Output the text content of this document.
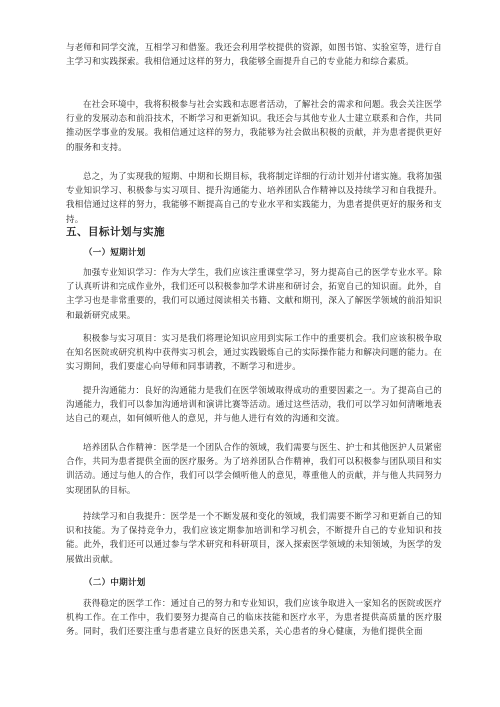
与老师和同学交流，互相学习和借鉴。我还会利用学校提供的资源，如图书馆、实验室等，进行自主学习和实践探索。我相信通过这样的努力，我能够全面提升自己的专业能力和综合素质。

在社会环境中，我将积极参与社会实践和志愿者活动，了解社会的需求和问题。我会关注医学行业的发展动态和前沿技术，不断学习和更新知识。我还会与其他专业人士建立联系和合作，共同推动医学事业的发展。我相信通过这样的努力，我能够为社会做出积极的贡献，并为患者提供更好的服务和支持。

总之，为了实现我的短期、中期和长期目标，我将制定详细的行动计划并付诸实施。我将加强专业知识学习、积极参与实习项目、提升沟通能力、培养团队合作精神以及持续学习和自我提升。我相信通过这样的努力，我能够不断提高自己的专业水平和实践能力，为患者提供更好的服务和支持。

五、目标计划与实施
（一）短期计划

加强专业知识学习：作为大学生，我们应该注重课堂学习，努力提高自己的医学专业水平。除了认真听讲和完成作业外，我们还可以积极参加学术讲座和研讨会，拓宽自己的知识面。此外，自主学习也是非常重要的，我们可以通过阅读相关书籍、文献和期刊，深入了解医学领域的前沿知识和最新研究成果。

积极参与实习项目：实习是我们将理论知识应用到实际工作中的重要机会。我们应该积极争取在知名医院或研究机构中获得实习机会，通过实践锻炼自己的实际操作能力和解决问题的能力。在实习期间，我们要虚心向导师和同事请教，不断学习和进步。

提升沟通能力：良好的沟通能力是我们在医学领域取得成功的重要因素之一。为了提高自己的沟通能力，我们可以参加沟通培训和演讲比赛等活动。通过这些活动，我们可以学习如何清晰地表达自己的观点，如何倾听他人的意见，并与他人进行有效的沟通和交流。

培养团队合作精神：医学是一个团队合作的领域，我们需要与医生、护士和其他医护人员紧密合作，共同为患者提供全面的医疗服务。为了培养团队合作精神，我们可以积极参与团队项目和实训活动。通过与他人的合作，我们可以学会倾听他人的意见，尊重他人的贡献，并与他人共同努力实现团队的目标。

持续学习和自我提升：医学是一个不断发展和变化的领域，我们需要不断学习和更新自己的知识和技能。为了保持竞争力，我们应该定期参加培训和学习机会，不断提升自己的专业知识和技能。此外，我们还可以通过参与学术研究和科研项目，深入探索医学领域的未知领域，为医学的发展做出贡献。

（二）中期计划

获得稳定的医学工作：通过自己的努力和专业知识，我们应该争取进入一家知名的医院或医疗机构工作。在工作中，我们要努力提高自己的临床技能和医疗水平，为患者提供高质量的医疗服务。同时，我们还要注重与患者建立良好的医患关系，关心患者的身心健康，为他们提供全面
